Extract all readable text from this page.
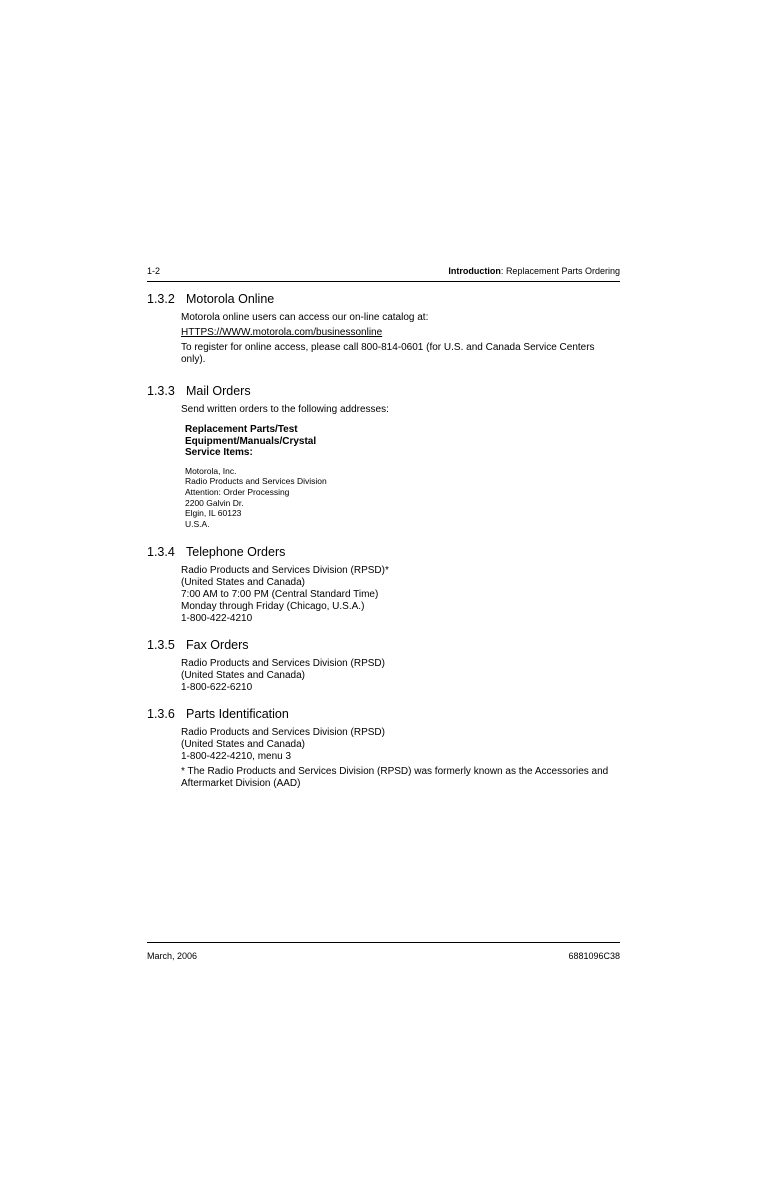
1-2	Introduction: Replacement Parts Ordering
1.3.2 Motorola Online

Motorola online users can access our on-line catalog at:

HTTPS://WWW.motorola.com/businessonline

To register for online access, please call 800-814-0601 (for U.S. and Canada Service Centers only).

1.3.3 Mail Orders

Send written orders to the following addresses:

Replacement Parts/Test
Equipment/Manuals/Crystal
Service Items:
Motorola, Inc.
Radio Products and Services Division
Attention: Order Processing
2200 Galvin Dr.
Elgin, IL 60123
U.S.A.
1.3.4 Telephone Orders
Radio Products and Services Division (RPSD)*
(United States and Canada)
7:00 AM to 7:00 PM (Central Standard Time)
Monday through Friday (Chicago, U.S.A.)
1-800-422-4210
1.3.5 Fax Orders
Radio Products and Services Division (RPSD)
(United States and Canada)
1-800-622-6210
1.3.6 Parts Identification
Radio Products and Services Division (RPSD)
(United States and Canada)
1-800-422-4210, menu 3

* The Radio Products and Services Division (RPSD) was formerly known as the Accessories and Aftermarket Division (AAD)

March, 2006	6881096C38
